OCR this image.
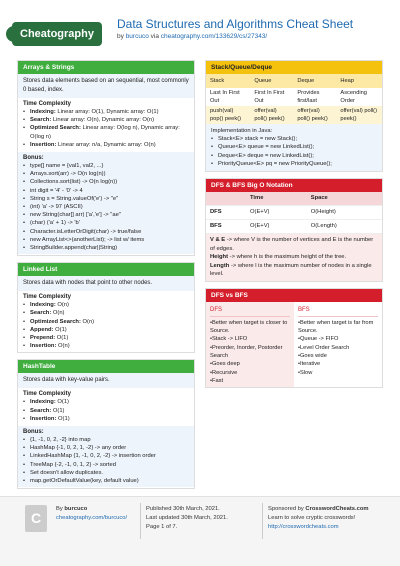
Cheatography
Data Structures and Algorithms Cheat Sheet
by burcuco via cheatography.com/133629/cs/27343/
Arrays & Strings
Stores data elements based on an sequential, most commonly 0 based, index.
Time Complexity
• Indexing: Linear array: O(1), Dynamic array: O(1)
• Search: Linear array: O(n), Dynamic array: O(n)
• Optimized Search: Linear array: O(log n), Dynamic array: O(log n)
• Insertion: Linear array: n/a, Dynamic array: O(n)
Bonus:
• type[] name = {val1, val2, ...}
• Arrays.sort(arr) -> O(n log(n))
• Collections.sort(list) -> O(n log(n))
• int digit = '4' - '0' -> 4
• String s = String.valueOf('e') -> "e"
• (int) 'a' -> 97 (ASCII)
• new String(char[] arr) ['a','e'] -> "ae"
• (char) ('a' + 1) -> 'b'
• Character.isLetterOrDigit(char) -> true/false
• new ArrayList<>(anotherList); -> list w/ items
• StringBuilder.append(char||String)
Linked List
Stores data with nodes that point to other nodes.
Time Complexity
• Indexing: O(n)
• Search: O(n)
• Optimized Search: O(n)
• Append: O(1)
• Prepend: O(1)
• Insertion: O(n)
HashTable
Stores data with key-value pairs.
Time Complexity
• Indexing: O(1)
• Search: O(1)
• Insertion: O(1)
Bonus:
• {1, -1, 0, 2, -2} into map
• HashMap {-1, 0, 2, 1, -2} -> any order
• LinkedHashMap {1, -1, 0, 2, -2} -> insertion order
• TreeMap {-2, -1, 0, 1, 2} -> sorted
• Set doesn't allow duplicates.
• map.getOrDefaultValue(key, default value)
Stack/Queue/Deque
Stack	Queue	Deque	Heap
Last In First Out	First In First Out	Provides first/last	Ascending Order
push(val) pop() peek()	offer(val) poll() peek()	offer(val) poll() peek()	offer(val) poll() peek()
Implementation in Java:
• Stack<E> stack = new Stack();
• Queue<E> queue = new LinkedList();
• Deque<E> deque = new LinkedList();
• PriorityQueue<E> pq = new PriorityQueue();
DFS & BFS Big O Notation
	Time	Space
DFS	O(E+V)	O(Height)
BFS	O(E+V)	O(Length)
V & E -> where V is the number of vertices and E is the number of edges.
Height -> where h is the maximum height of the tree.
Length -> where l is the maximum number of nodes in a single level.
DFS vs BFS
DFS
•Better when target is closer to Source.
•Stack -> LIFO
•Preorder, Inorder, Postorder Search
•Goes deep
•Recursive
•Fast
BFS
•Better when target is far from Source.
•Queue -> FIFO
•Level Order Search
•Goes wide
•Iterative
•Slow
C
By burcuco
cheatography.com/burcuco/
Published 30th March, 2021.
Last updated 30th March, 2021.
Page 1 of 7.
Sponsored by CrosswordCheats.com
Learn to solve cryptic crosswords!
http://crosswordcheats.com
